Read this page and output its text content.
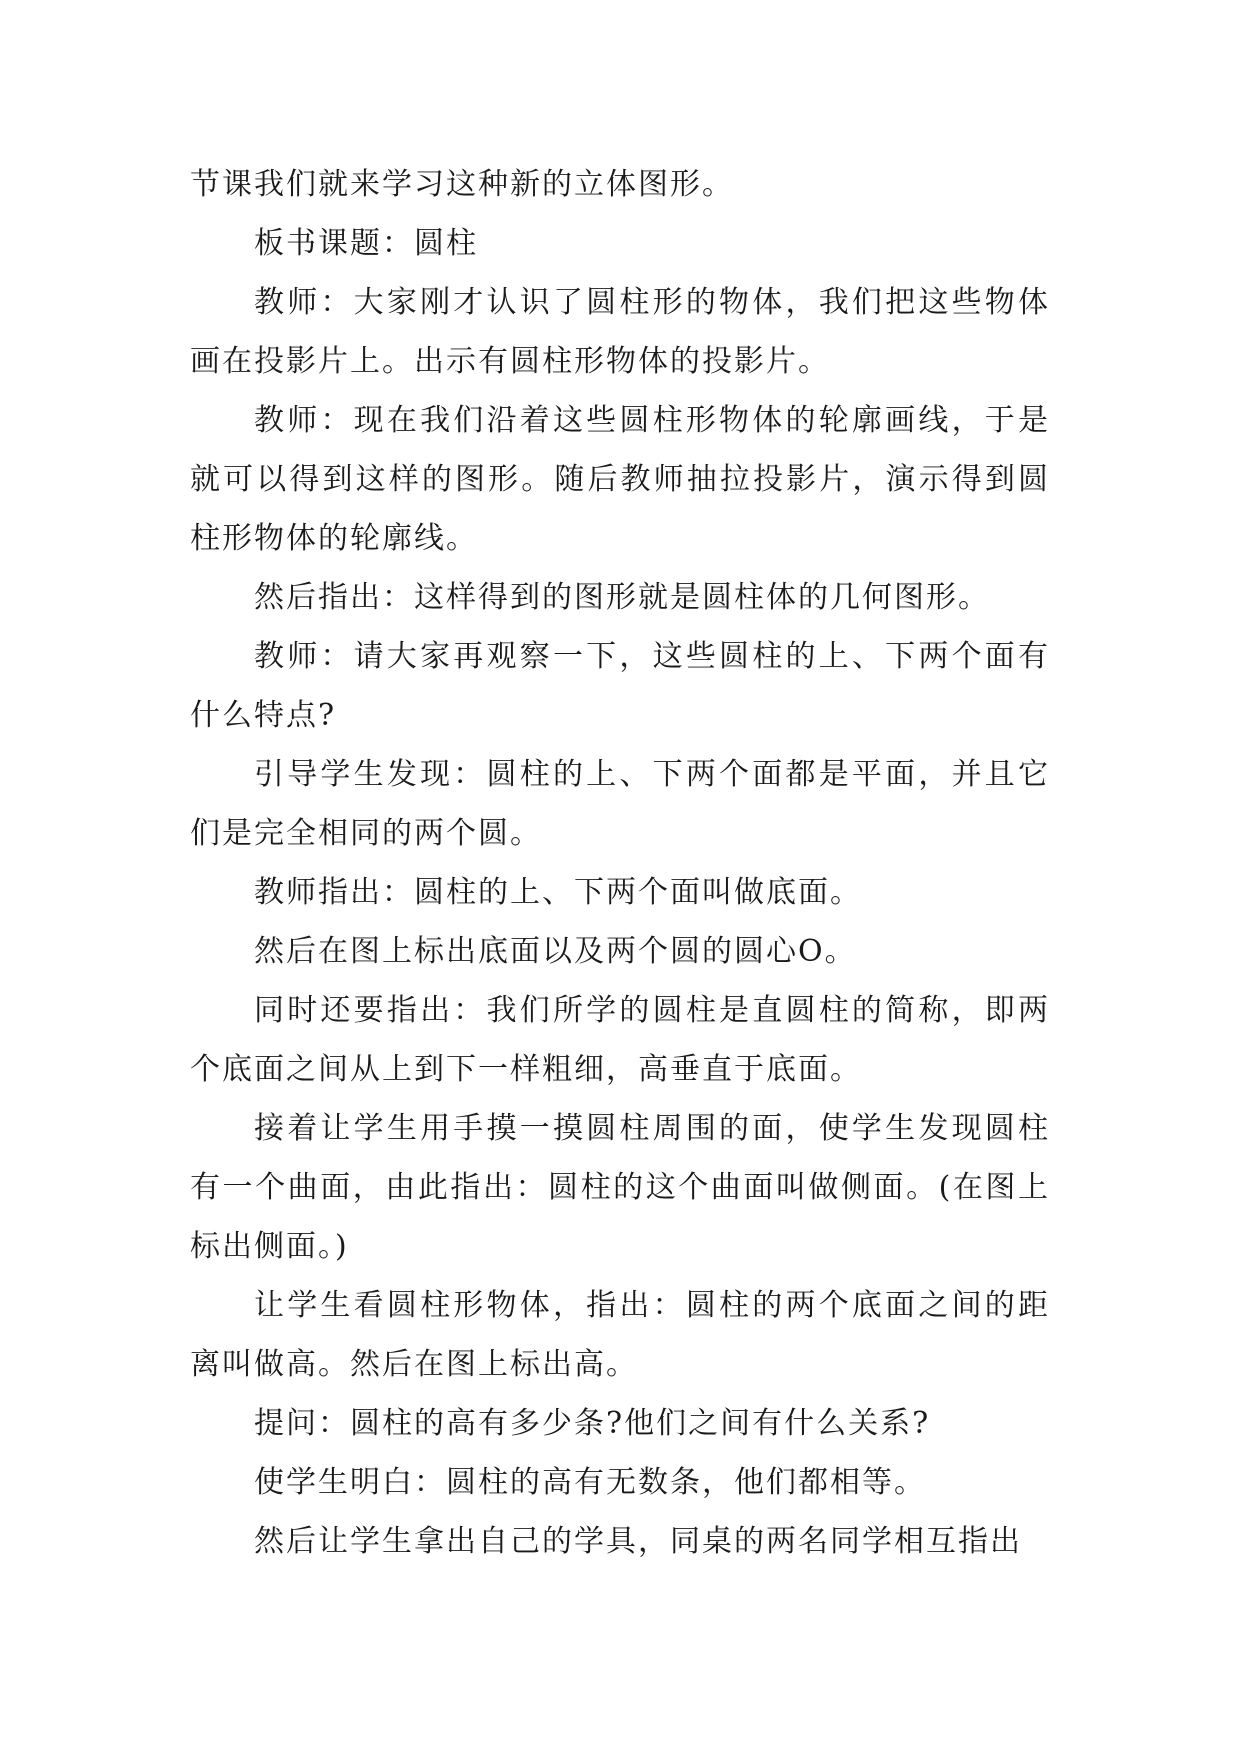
节课我们就来学习这种新的立体图形。

板书课题：圆柱

教师：大家刚才认识了圆柱形的物体，我们把这些物体画在投影片上。出示有圆柱形物体的投影片。

教师：现在我们沿着这些圆柱形物体的轮廓画线，于是就可以得到这样的图形。随后教师抽拉投影片，演示得到圆柱形物体的轮廓线。

然后指出：这样得到的图形就是圆柱体的几何图形。

教师：请大家再观察一下，这些圆柱的上、下两个面有什么特点?

引导学生发现：圆柱的上、下两个面都是平面，并且它们是完全相同的两个圆。

教师指出：圆柱的上、下两个面叫做底面。

然后在图上标出底面以及两个圆的圆心O。

同时还要指出：我们所学的圆柱是直圆柱的简称，即两个底面之间从上到下一样粗细，高垂直于底面。

接着让学生用手摸一摸圆柱周围的面，使学生发现圆柱有一个曲面，由此指出：圆柱的这个曲面叫做侧面。(在图上标出侧面。)

让学生看圆柱形物体，指出：圆柱的两个底面之间的距离叫做高。然后在图上标出高。

提问：圆柱的高有多少条?他们之间有什么关系?

使学生明白：圆柱的高有无数条，他们都相等。

然后让学生拿出自己的学具，同桌的两名同学相互指出
